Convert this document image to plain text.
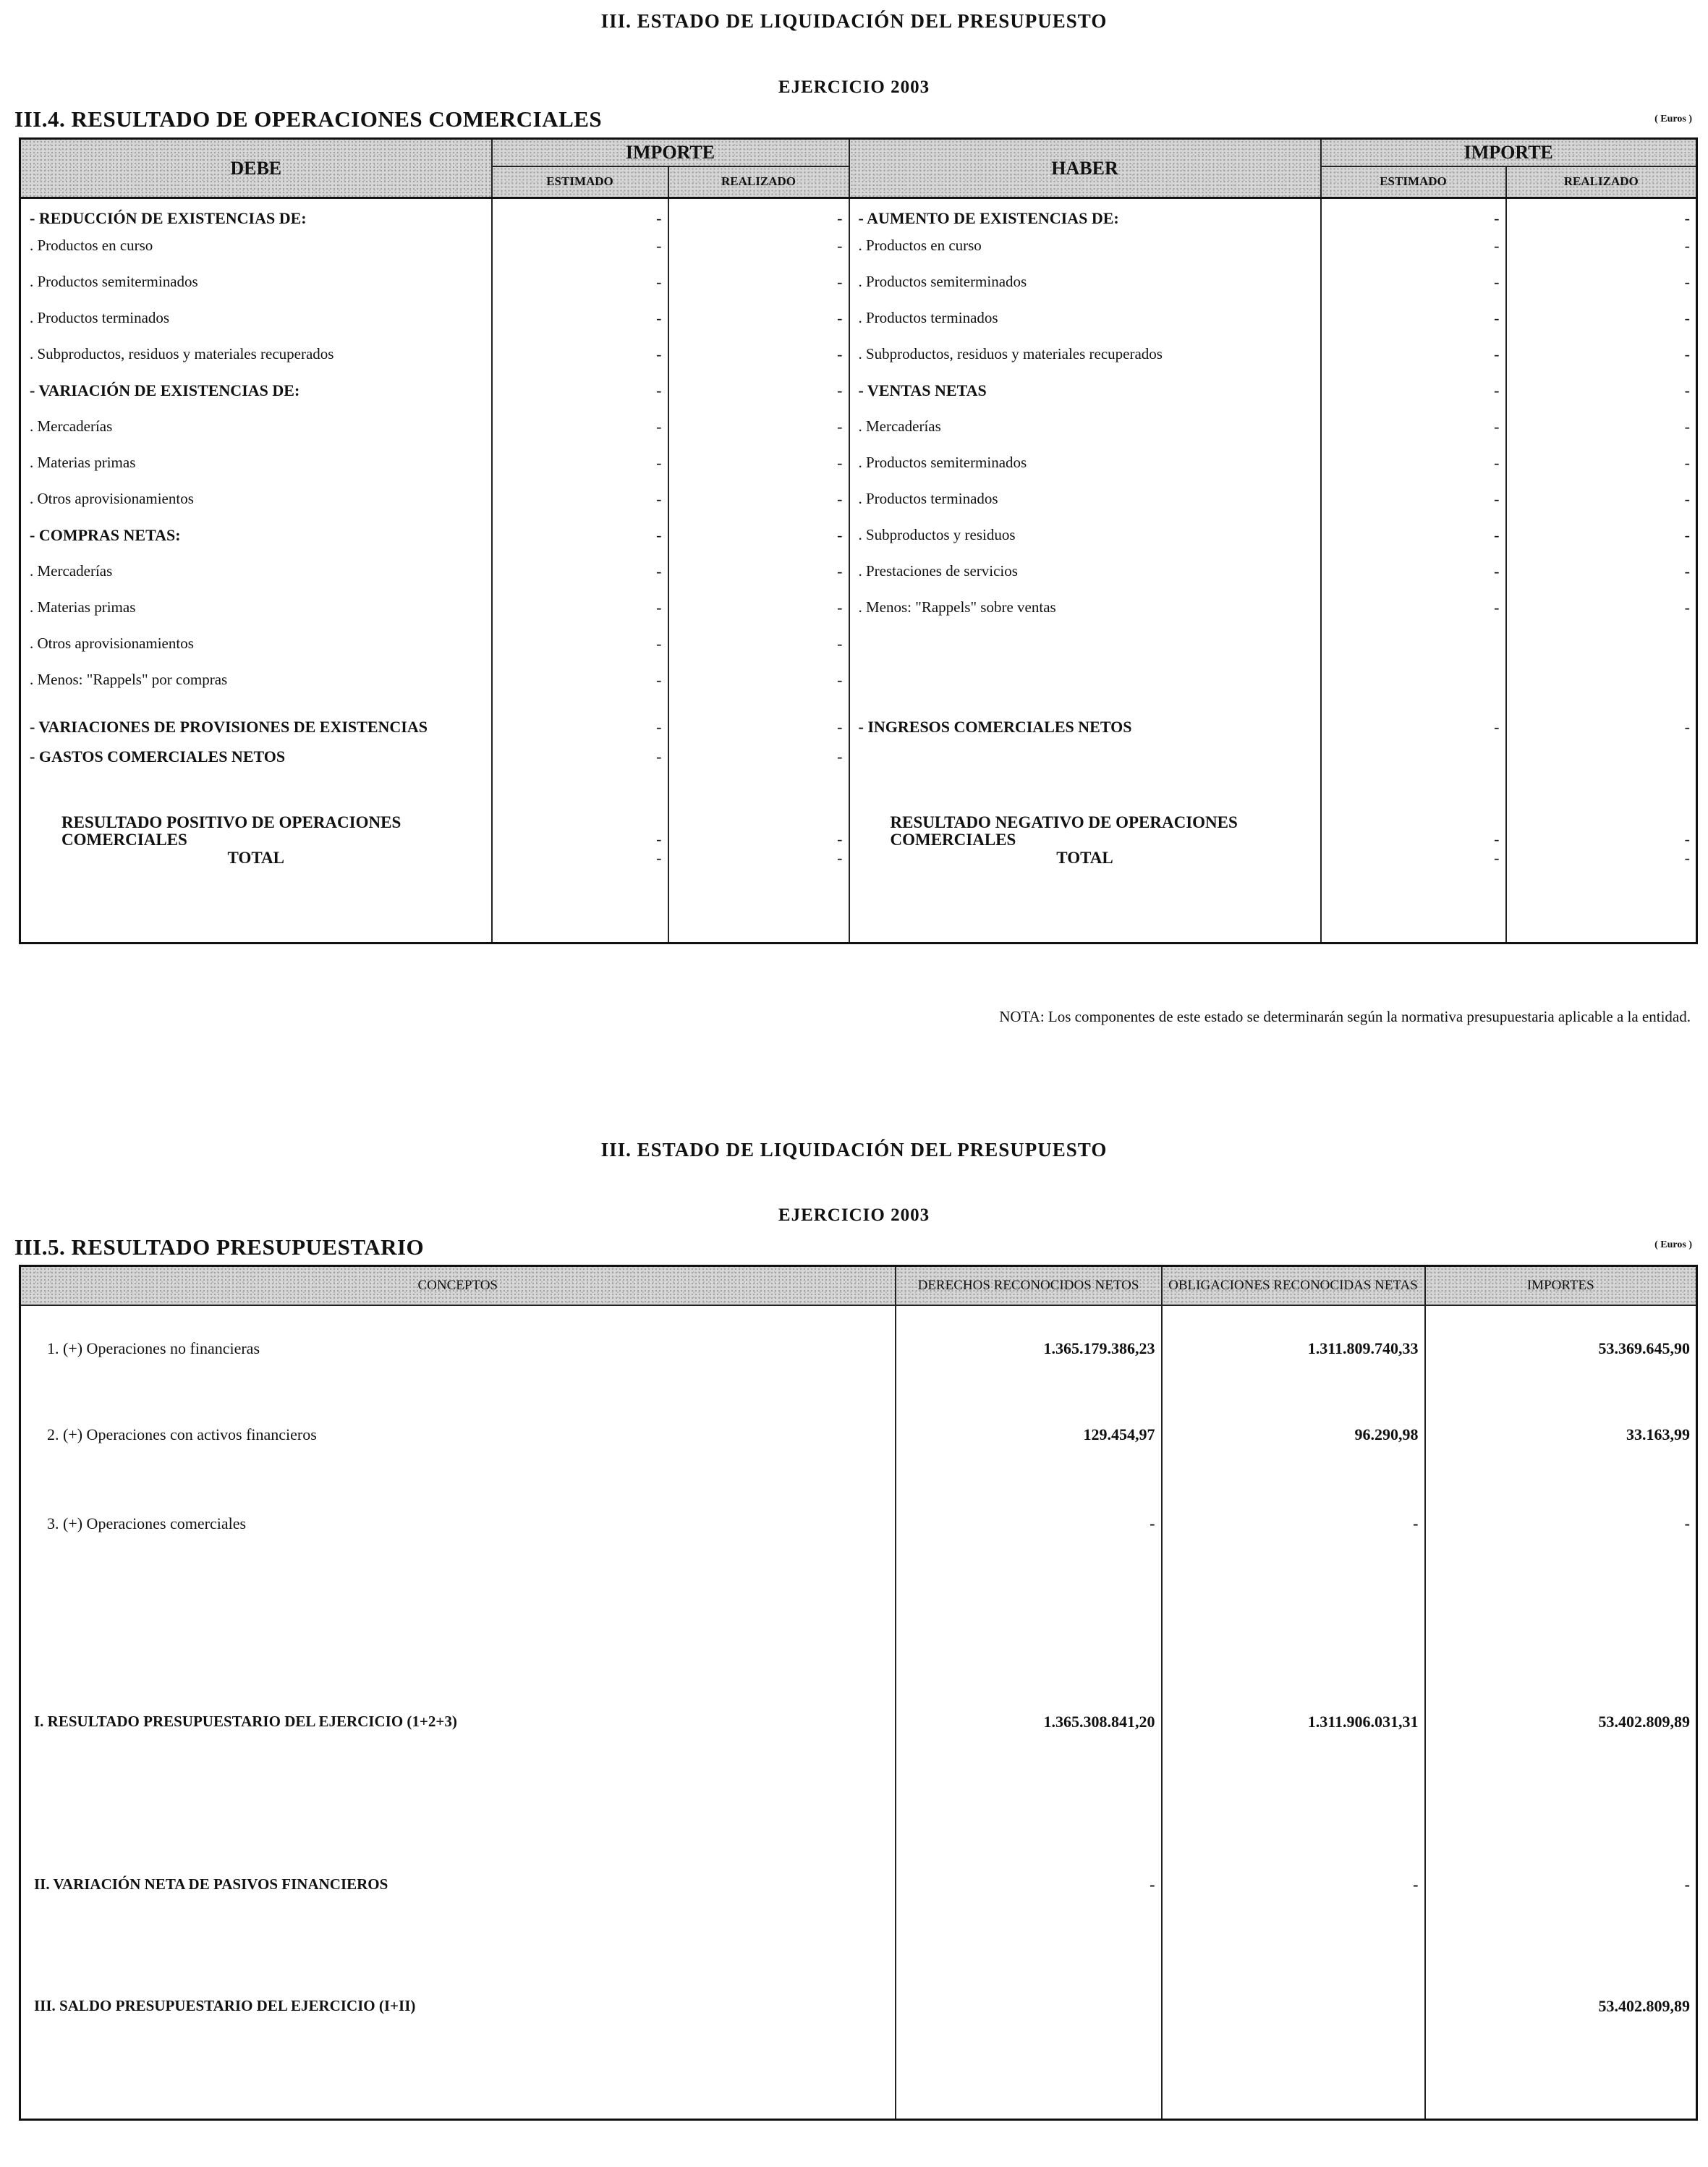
III. ESTADO DE LIQUIDACIÓN DEL PRESUPUESTO
EJERCICIO 2003
III.4. RESULTADO DE OPERACIONES COMERCIALES	( Euros )
DEBE	IMPORTE		HABER	IMPORTE	
	ESTIMADO	REALIZADO		ESTIMADO	REALIZADO
- REDUCCIÓN DE EXISTENCIAS DE:	-	-	- AUMENTO DE EXISTENCIAS DE:	-	-
. Productos en curso	-	-	. Productos en curso	-	-
. Productos semiterminados	-	-	. Productos semiterminados	-	-
. Productos terminados	-	-	. Productos terminados	-	-
. Subproductos, residuos y materiales recuperados	-	-	. Subproductos, residuos y materiales recuperados	-	-
- VARIACIÓN DE EXISTENCIAS DE:	-	-	- VENTAS NETAS	-	-
. Mercaderías	-	-	. Mercaderías	-	-
. Materias primas	-	-	. Productos semiterminados	-	-
. Otros aprovisionamientos	-	-	. Productos terminados	-	-
- COMPRAS NETAS:	-	-	. Subproductos y residuos	-	-
. Mercaderías	-	-	. Prestaciones de servicios	-	-
. Materias primas	-	-	. Menos: "Rappels" sobre ventas	-	-
. Otros aprovisionamientos	-	-			
. Menos: "Rappels" por compras	-	-			
- VARIACIONES DE PROVISIONES DE EXISTENCIAS	-	-	- INGRESOS COMERCIALES NETOS	-	-
- GASTOS COMERCIALES NETOS	-	-			
RESULTADO POSITIVO DE OPERACIONES COMERCIALES	-	-	RESULTADO NEGATIVO DE OPERACIONES COMERCIALES	-	-
TOTAL	-	-	TOTAL	-	-

NOTA: Los componentes de este estado se determinarán según la normativa presupuestaria aplicable a la entidad.
III. ESTADO DE LIQUIDACIÓN DEL PRESUPUESTO
EJERCICIO 2003
III.5. RESULTADO PRESUPUESTARIO	( Euros )
CONCEPTOS	DERECHOS RECONOCIDOS NETOS	OBLIGACIONES RECONOCIDAS NETAS	IMPORTES
1. (+) Operaciones no financieras	1.365.179.386,23	1.311.809.740,33	53.369.645,90
2. (+) Operaciones con activos financieros	129.454,97	96.290,98	33.163,99
3. (+) Operaciones comerciales	-	-	-
I. RESULTADO PRESUPUESTARIO DEL EJERCICIO (1+2+3)	1.365.308.841,20	1.311.906.031,31	53.402.809,89
II. VARIACIÓN NETA DE PASIVOS FINANCIEROS	-	-	-
III. SALDO PRESUPUESTARIO DEL EJERCICIO (I+II)			53.402.809,89
